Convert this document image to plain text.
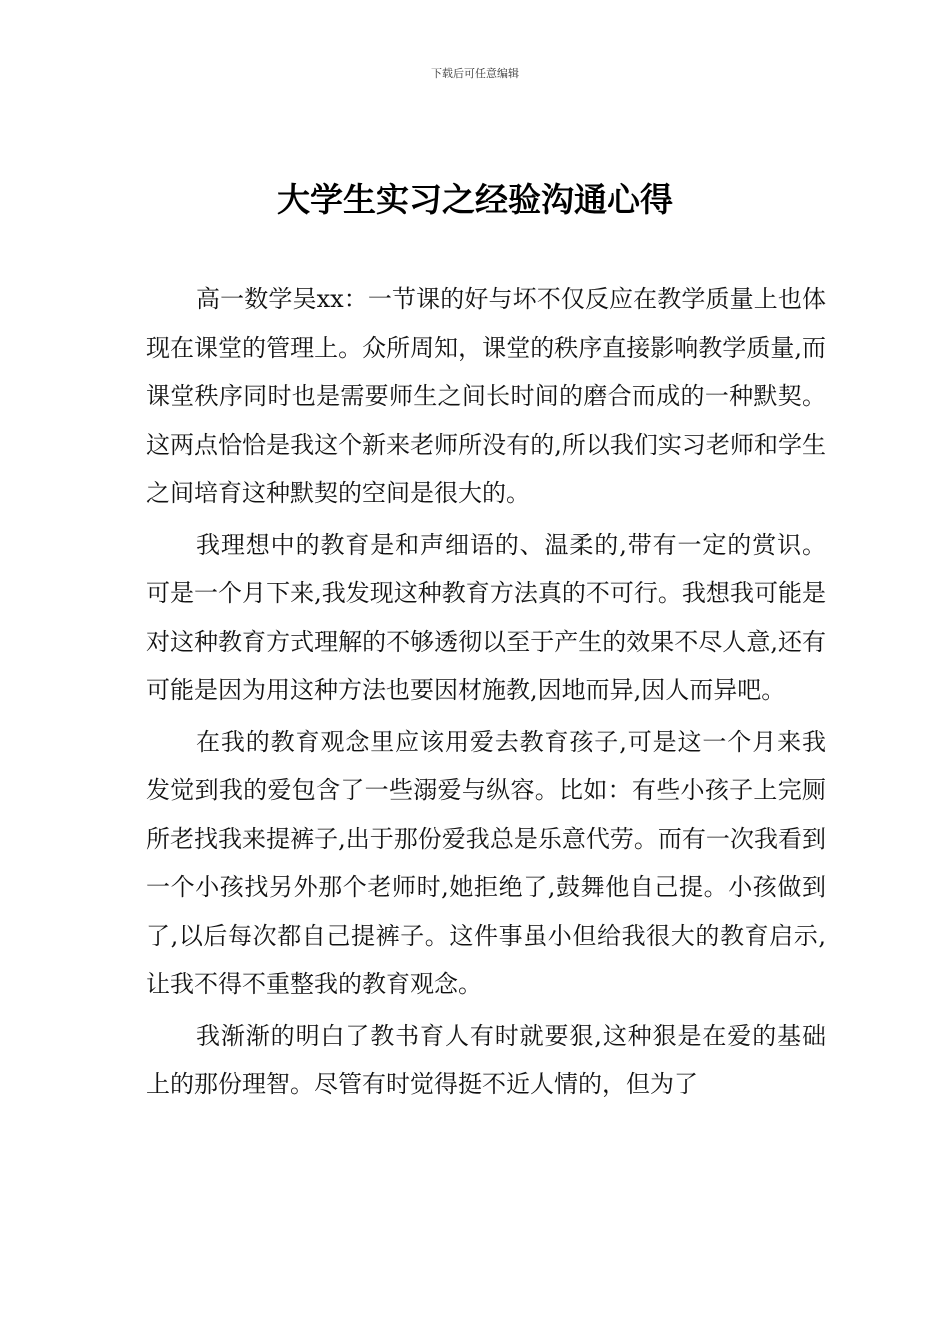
下载后可任意编辑
大学生实习之经验沟通心得

高一数学吴xx：一节课的好与坏不仅反应在教学质量上也体现在课堂的管理上。众所周知，课堂的秩序直接影响教学质量,而课堂秩序同时也是需要师生之间长时间的磨合而成的一种默契。这两点恰恰是我这个新来老师所没有的,所以我们实习老师和学生之间培育这种默契的空间是很大的。

我理想中的教育是和声细语的、温柔的,带有一定的赏识。可是一个月下来,我发现这种教育方法真的不可行。我想我可能是对这种教育方式理解的不够透彻以至于产生的效果不尽人意,还有可能是因为用这种方法也要因材施教,因地而异,因人而异吧。

在我的教育观念里应该用爱去教育孩子,可是这一个月来我发觉到我的爱包含了一些溺爱与纵容。比如：有些小孩子上完厕所老找我来提裤子,出于那份爱我总是乐意代劳。而有一次我看到一个小孩找另外那个老师时,她拒绝了,鼓舞他自己提。小孩做到了,以后每次都自己提裤子。这件事虽小但给我很大的教育启示,让我不得不重整我的教育观念。

我渐渐的明白了教书育人有时就要狠,这种狠是在爱的基础上的那份理智。尽管有时觉得挺不近人情的，但为了
